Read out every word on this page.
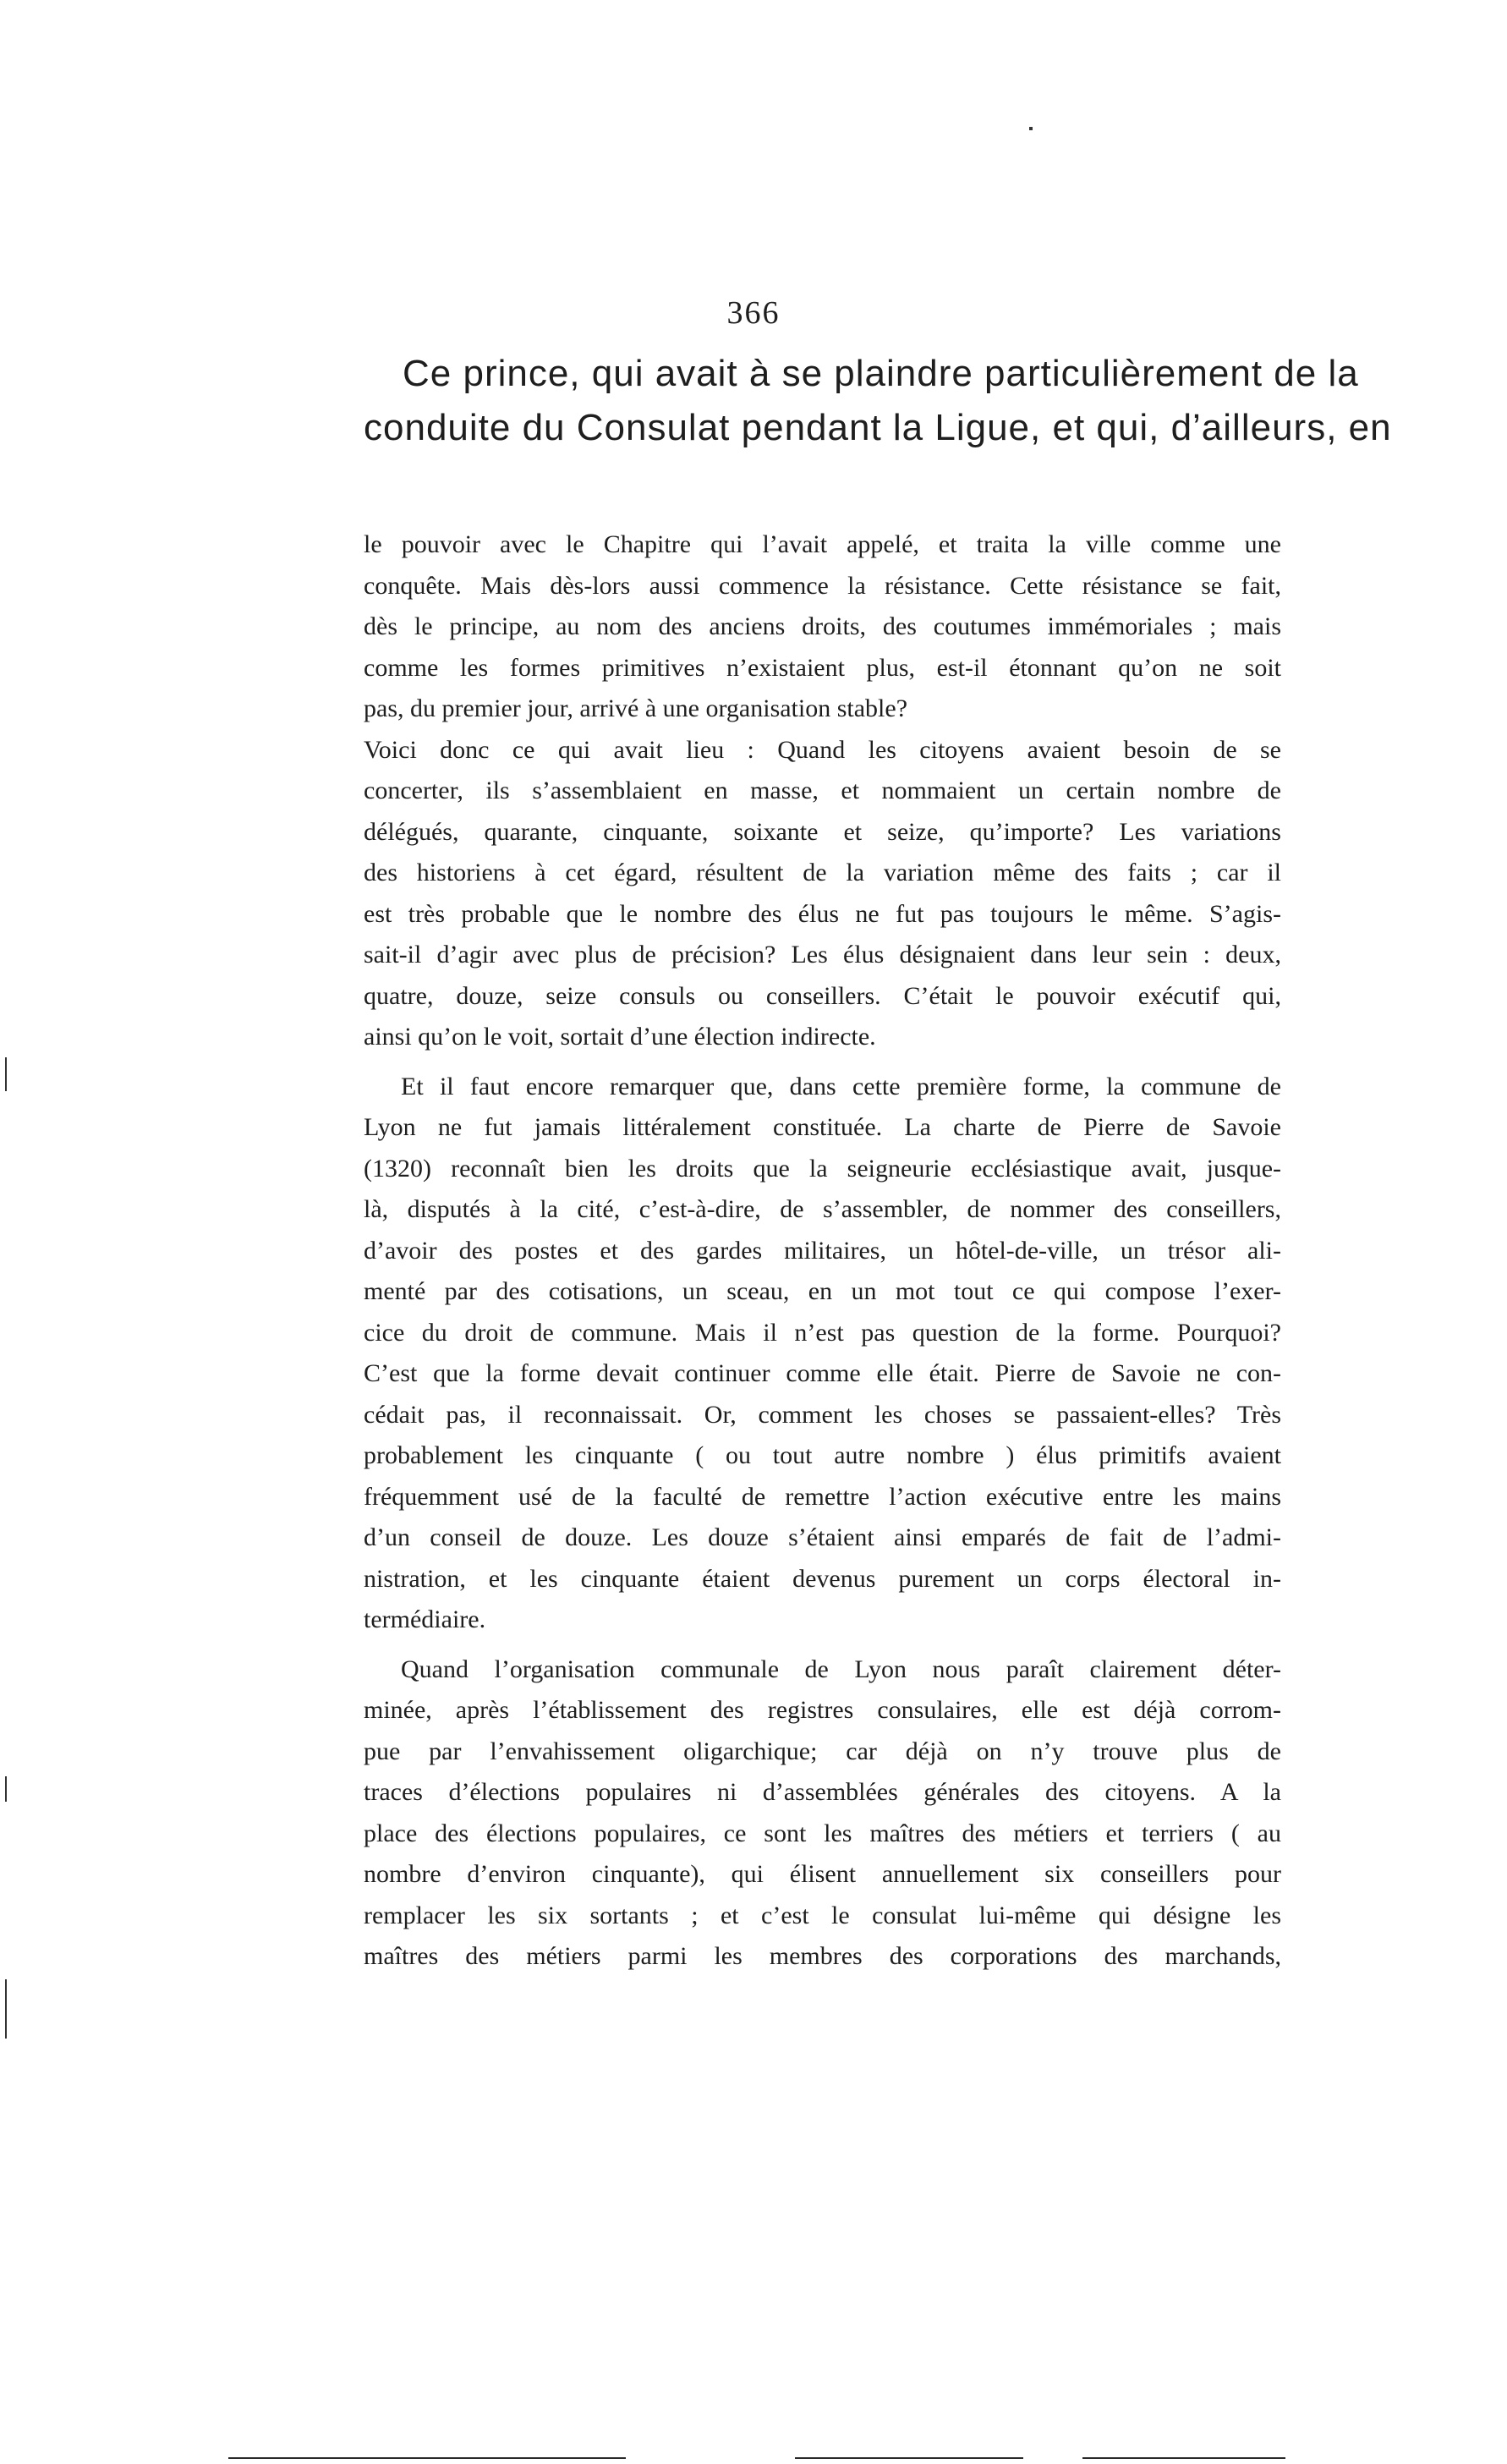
366
Ce prince, qui avait à se plaindre particulièrement de la
conduite du Consulat pendant la Ligue, et qui, d’ailleurs, en
le pouvoir avec le Chapitre qui l’avait appelé, et traita la ville comme une
conquête. Mais dès-lors aussi commence la résistance. Cette résistance se fait,
dès le principe, au nom des anciens droits, des coutumes immémoriales ; mais
comme les formes primitives n’existaient plus, est-il étonnant qu’on ne soit
pas, du premier jour, arrivé à une organisation stable?
Voici donc ce qui avait lieu : Quand les citoyens avaient besoin de se
concerter, ils s’assemblaient en masse, et nommaient un certain nombre de
délégués, quarante, cinquante, soixante et seize, qu’importe? Les variations
des historiens à cet égard, résultent de la variation même des faits ; car il
est très probable que le nombre des élus ne fut pas toujours le même. S’agis-
sait-il d’agir avec plus de précision? Les élus désignaient dans leur sein : deux,
quatre, douze, seize consuls ou conseillers. C’était le pouvoir exécutif qui,
ainsi qu’on le voit, sortait d’une élection indirecte.
Et il faut encore remarquer que, dans cette première forme, la commune de
Lyon ne fut jamais littéralement constituée. La charte de Pierre de Savoie
(1320) reconnaît bien les droits que la seigneurie ecclésiastique avait, jusque-
là, disputés à la cité, c’est-à-dire, de s’assembler, de nommer des conseillers,
d’avoir des postes et des gardes militaires, un hôtel-de-ville, un trésor ali-
menté par des cotisations, un sceau, en un mot tout ce qui compose l’exer-
cice du droit de commune. Mais il n’est pas question de la forme. Pourquoi?
C’est que la forme devait continuer comme elle était. Pierre de Savoie ne con-
cédait pas, il reconnaissait. Or, comment les choses se passaient-elles? Très
probablement les cinquante ( ou tout autre nombre ) élus primitifs avaient
fréquemment usé de la faculté de remettre l’action exécutive entre les mains
d’un conseil de douze. Les douze s’étaient ainsi emparés de fait de l’admi-
nistration, et les cinquante étaient devenus purement un corps électoral in-
termédiaire.
Quand l’organisation communale de Lyon nous paraît clairement déter-
minée, après l’établissement des registres consulaires, elle est déjà corrom-
pue par l’envahissement oligarchique; car déjà on n’y trouve plus de
traces d’élections populaires ni d’assemblées générales des citoyens. A la
place des élections populaires, ce sont les maîtres des métiers et terriers ( au
nombre d’environ cinquante), qui élisent annuellement six conseillers pour
remplacer les six sortants ; et c’est le consulat lui-même qui désigne les
maîtres des métiers parmi les membres des corporations des marchands,
